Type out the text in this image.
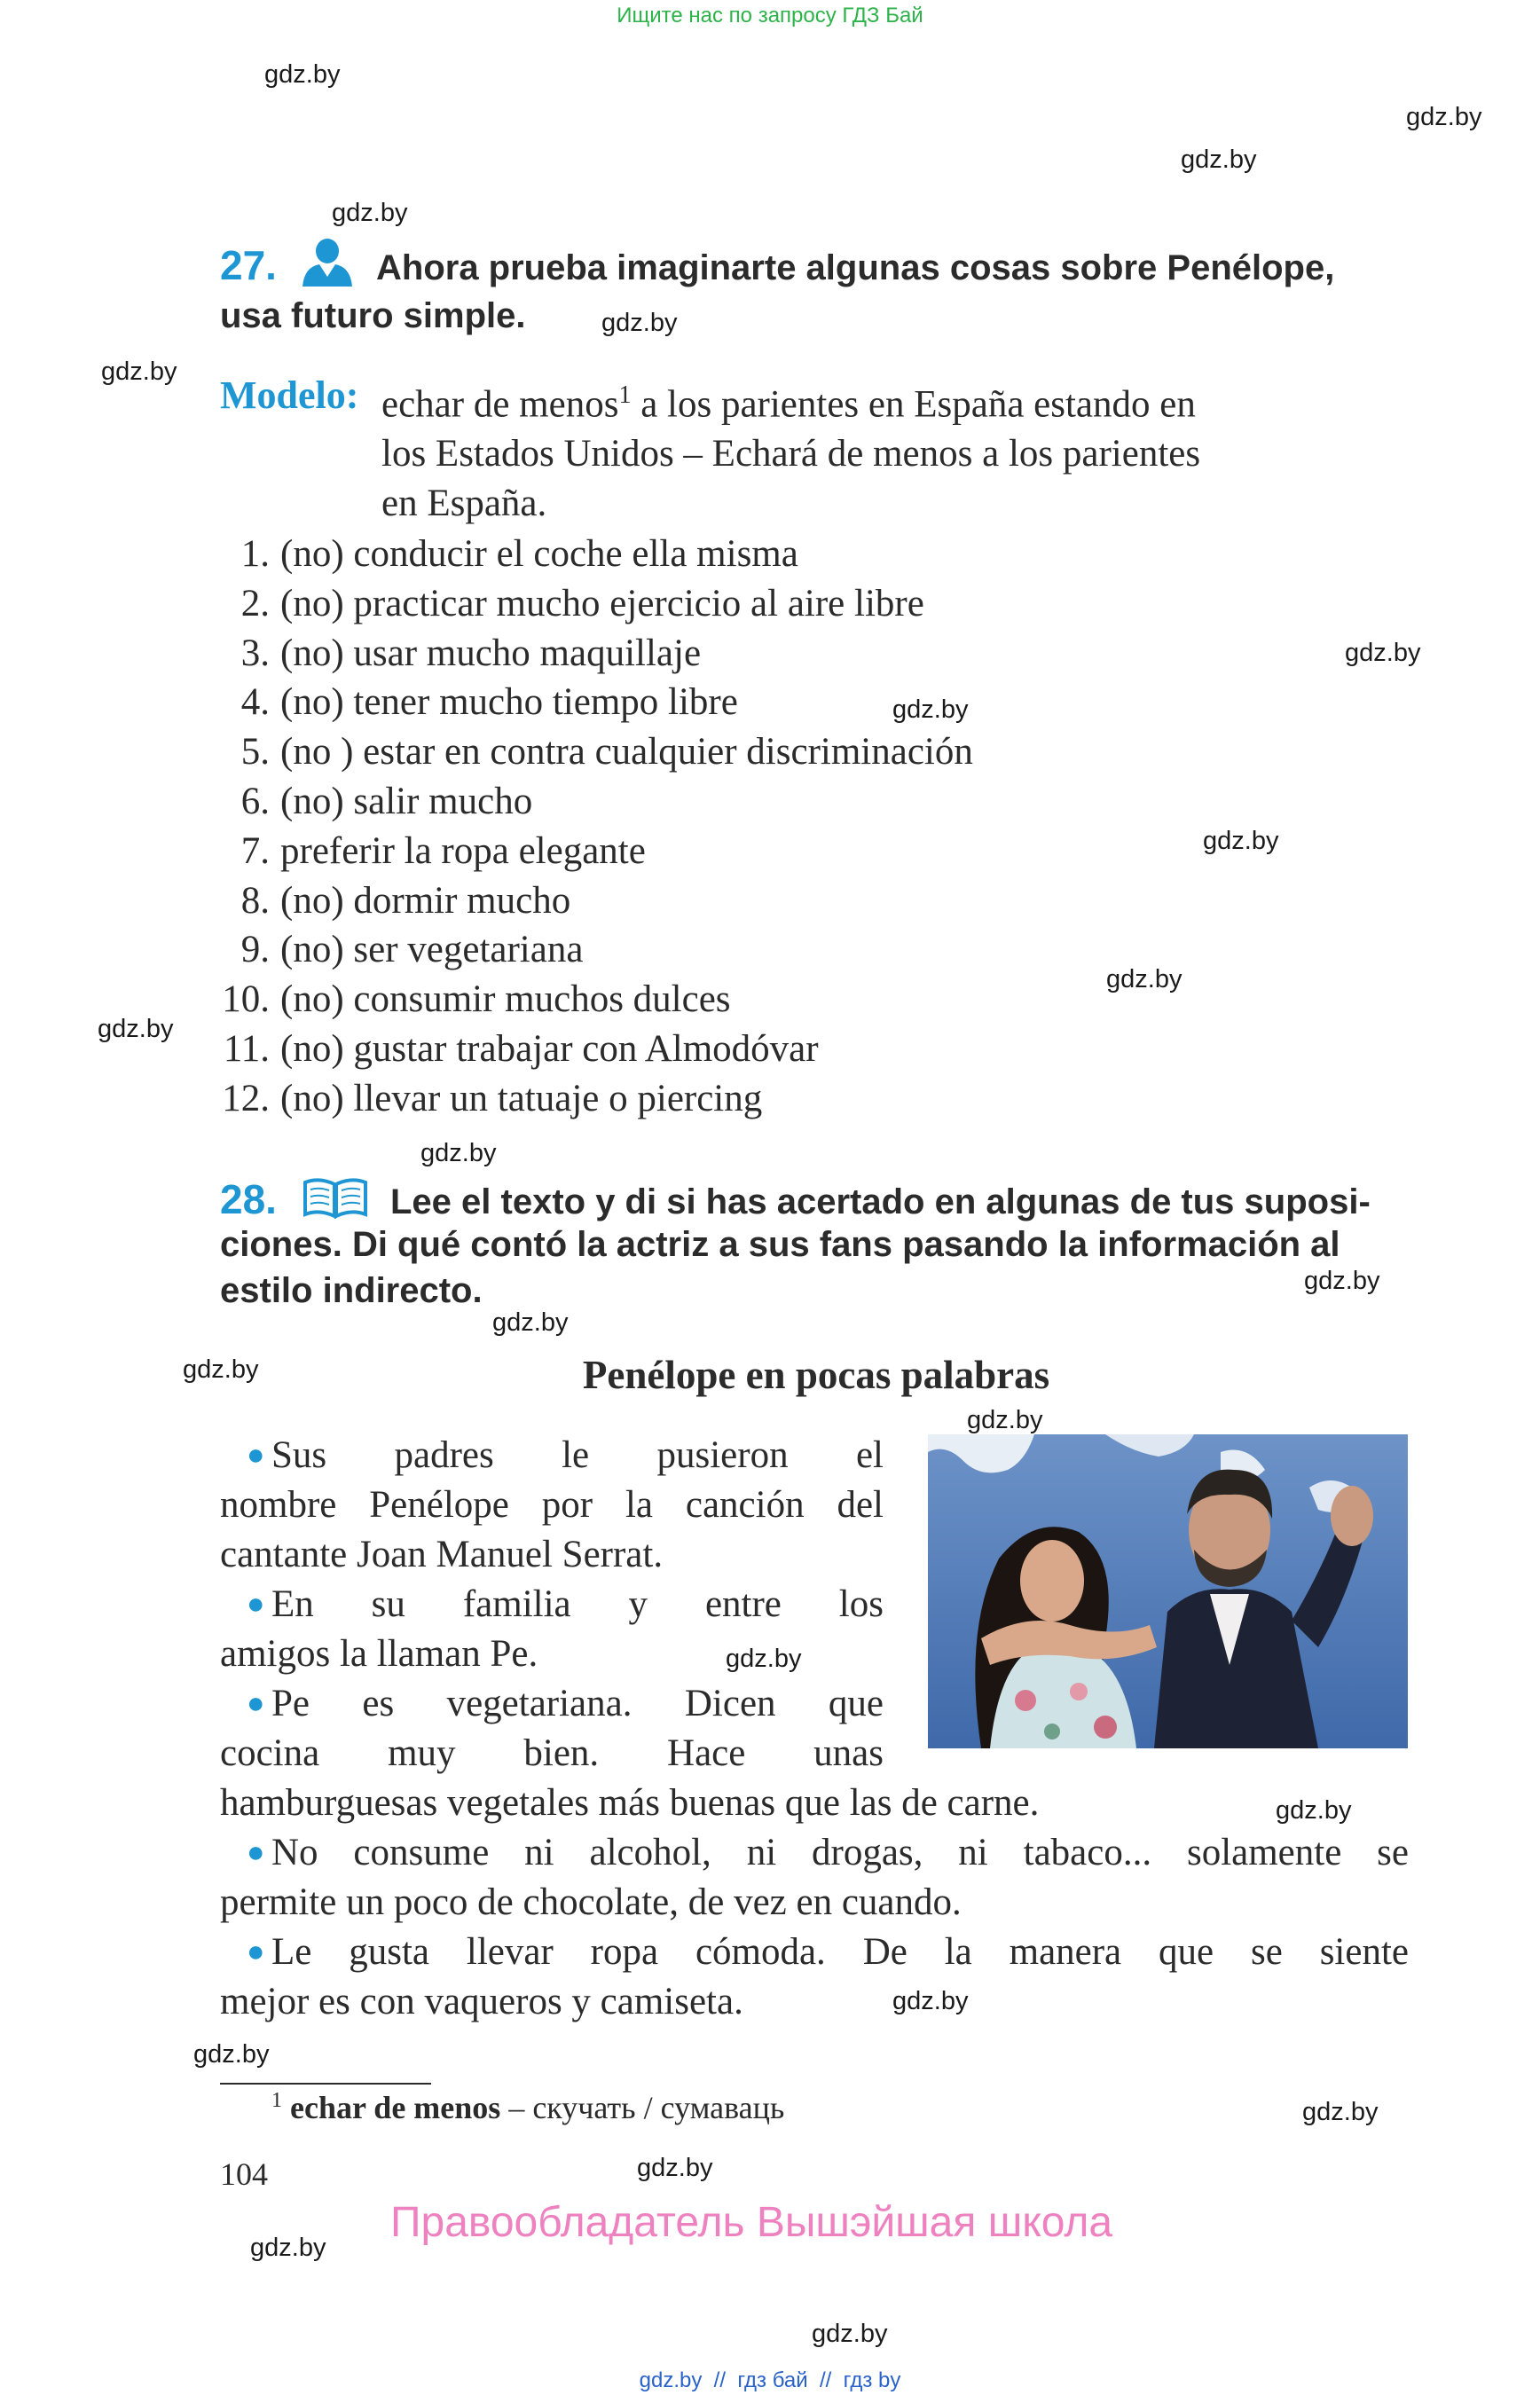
Ищите нас по запросу ГДЗ Бай
gdz.by
gdz.by
gdz.by
gdz.by
gdz.by
gdz.by
gdz.by
gdz.by
gdz.by
gdz.by
gdz.by
gdz.by
gdz.by
gdz.by
gdz.by
gdz.by
gdz.by
gdz.by
gdz.by
gdz.by
gdz.by
gdz.by
gdz.by
gdz.by
27.	Ahora prueba imaginarte algunas cosas sobre Penélope,
usa futuro simple.
Modelo: echar de menos$^1$ a los parientes en España estando en
los Estados Unidos – Echará de menos a los parientes
en España.
1. (no) conducir el coche ella misma
2. (no) practicar mucho ejercicio al aire libre
3. (no) usar mucho maquillaje
4. (no) tener mucho tiempo libre
5. (no ) estar en contra cualquier discriminación
6. (no) salir mucho
7. preferir la ropa elegante
8. (no) dormir mucho
9. (no) ser vegetariana
10. (no) consumir muchos dulces
11. (no) gustar trabajar con Almodóvar
12. (no) llevar un tatuaje o piercing
28.	Lee el texto y di si has acertado en algunas de tus suposi-
ciones. Di qué contó la actriz a sus fans pasando la información al
estilo indirecto.
Penélope en pocas palabras
● Sus padres le pusieron el
nombre Penélope por la canción del
cantante Joan Manuel Serrat.
● En su familia y entre los
amigos la llaman Pe.
● Pe es vegetariana. Dicen que
cocina muy bien. Hace unas
hamburguesas vegetales más buenas que las de carne.
● No consume ni alcohol, ni drogas, ni tabaco... solamente se
permite un poco de chocolate, de vez en cuando.
● Le gusta llevar ropa cómoda. De la manera que se siente
mejor es con vaqueros y camiseta.
$^1$ echar de menos – скучать / сумаваць
104
Правообладатель Вышэйшая школа
gdz.by  //  гдз бай  //  гдз by
